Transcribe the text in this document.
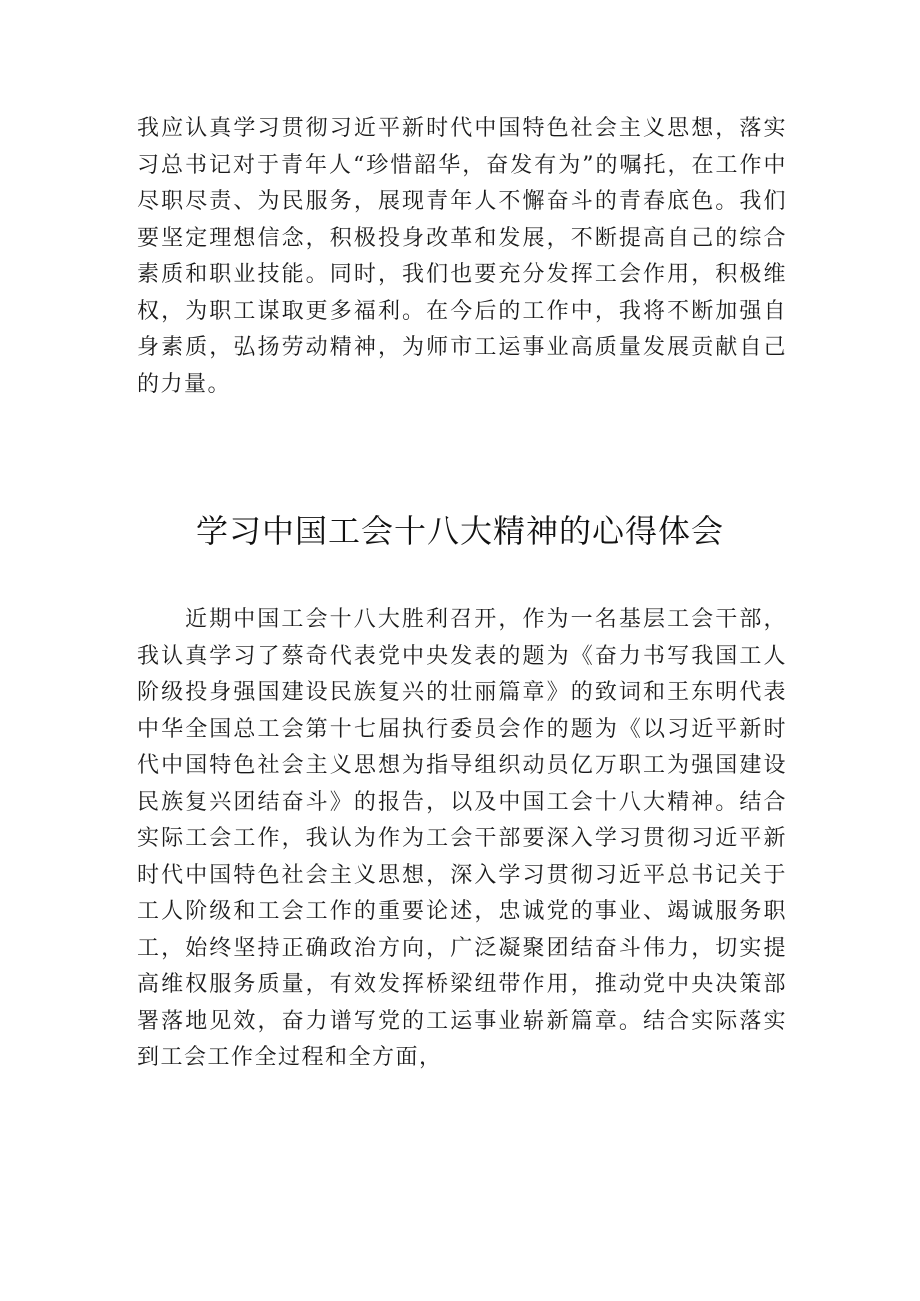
我应认真学习贯彻习近平新时代中国特色社会主义思想，落实习总书记对于青年人“珍惜韶华，奋发有为”的嘱托，在工作中尽职尽责、为民服务，展现青年人不懈奋斗的青春底色。我们要坚定理想信念，积极投身改革和发展，不断提高自己的综合素质和职业技能。同时，我们也要充分发挥工会作用，积极维权，为职工谋取更多福利。在今后的工作中，我将不断加强自身素质，弘扬劳动精神，为师市工运事业高质量发展贡献自己的力量。

学习中国工会十八大精神的心得体会

近期中国工会十八大胜利召开，作为一名基层工会干部，我认真学习了蔡奇代表党中央发表的题为《奋力书写我国工人阶级投身强国建设民族复兴的壮丽篇章》的致词和王东明代表中华全国总工会第十七届执行委员会作的题为《以习近平新时代中国特色社会主义思想为指导组织动员亿万职工为强国建设民族复兴团结奋斗》的报告，以及中国工会十八大精神。结合实际工会工作，我认为作为工会干部要深入学习贯彻习近平新时代中国特色社会主义思想，深入学习贯彻习近平总书记关于工人阶级和工会工作的重要论述，忠诚党的事业、竭诚服务职工，始终坚持正确政治方向，广泛凝聚团结奋斗伟力，切实提高维权服务质量，有效发挥桥梁纽带作用，推动党中央决策部署落地见效，奋力谱写党的工运事业崭新篇章。结合实际落实到工会工作全过程和全方面，
